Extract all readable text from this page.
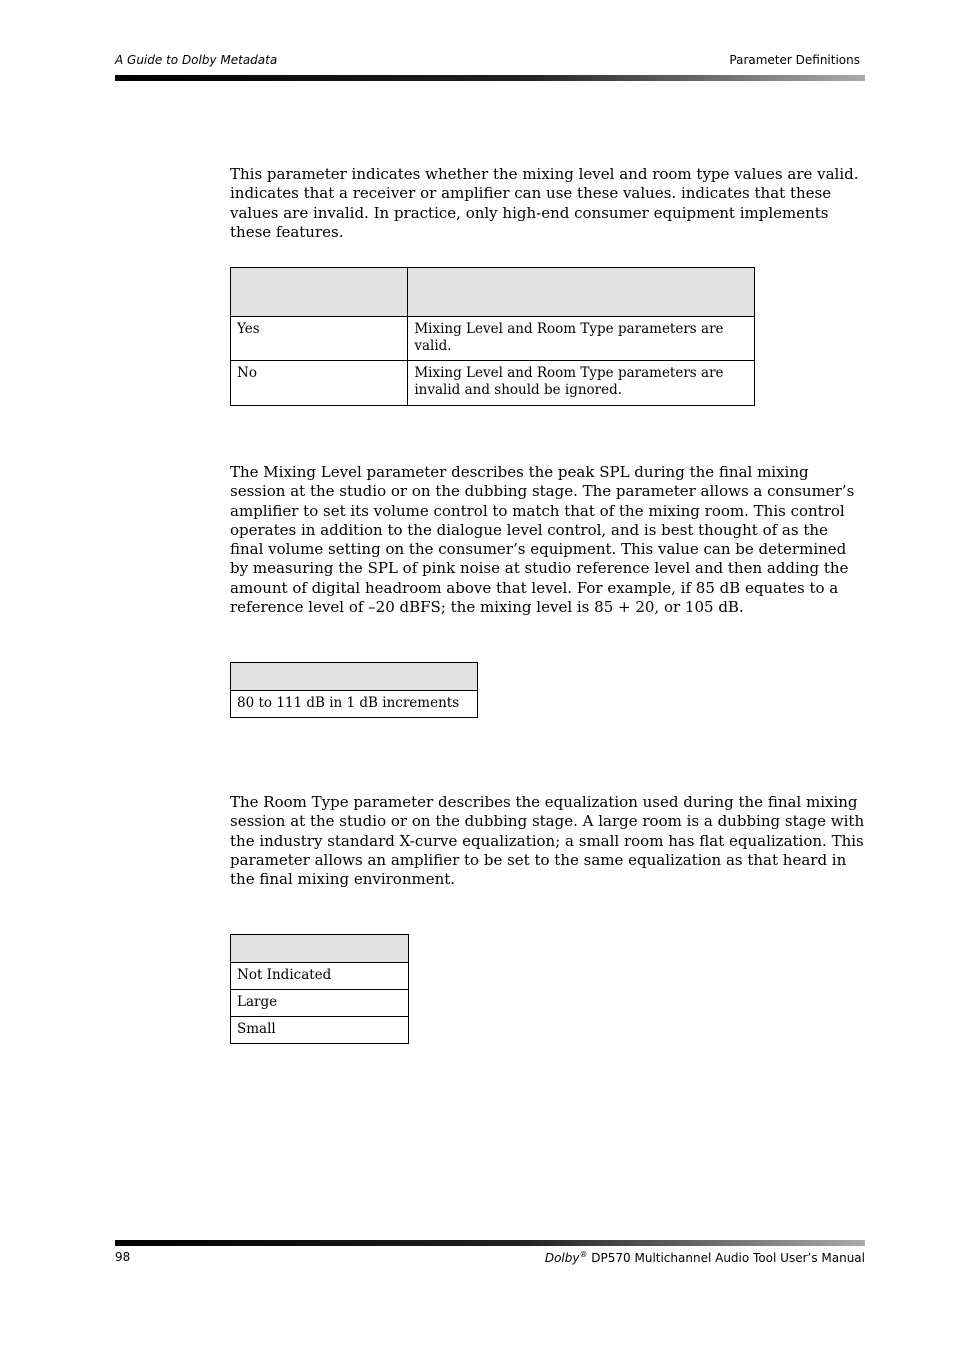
A Guide to Dolby Metadata	Parameter Definitions

This parameter indicates whether the mixing level and room type values are valid. indicates that a receiver or amplifier can use these values. indicates that these values are invalid. In practice, only high-end consumer equipment implements these features.

Yes	Mixing Level and Room Type parameters are valid.
No	Mixing Level and Room Type parameters are invalid and should be ignored.

The Mixing Level parameter describes the peak SPL during the final mixing session at the studio or on the dubbing stage. The parameter allows a consumer’s amplifier to set its volume control to match that of the mixing room. This control operates in addition to the dialogue level control, and is best thought of as the final volume setting on the consumer’s equipment. This value can be determined by measuring the SPL of pink noise at studio reference level and then adding the amount of digital headroom above that level. For example, if 85 dB equates to a reference level of –20 dBFS; the mixing level is 85 + 20, or 105 dB.

80 to 111 dB in 1 dB increments

The Room Type parameter describes the equalization used during the final mixing session at the studio or on the dubbing stage. A large room is a dubbing stage with the industry standard X-curve equalization; a small room has flat equalization. This parameter allows an amplifier to be set to the same equalization as that heard in the final mixing environment.

Not Indicated
Large
Small
98	Dolby® DP570 Multichannel Audio Tool User’s Manual
